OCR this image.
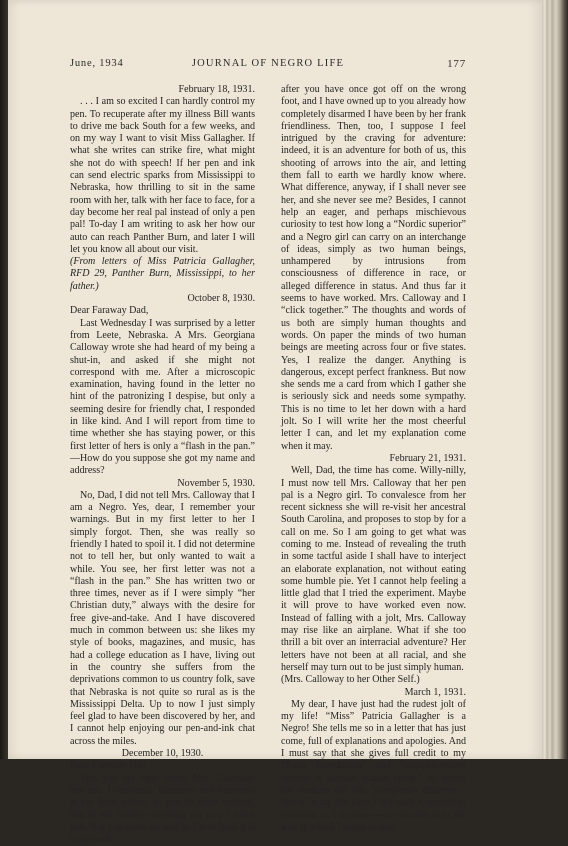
June, 1934	JOURNAL OF NEGRO LIFE	177

February 18, 1931.

. . . I am so excited I can hardly control my pen. To recuperate after my illness Bill wants to drive me back South for a few weeks, and on my way I want to visit Miss Gallagher. If what she writes can strike fire, what might she not do with speech! If her pen and ink can send electric sparks from Mississippi to Nebraska, how thrilling to sit in the same room with her, talk with her face to face, for a day become her real pal instead of only a pen pal! To-day I am writing to ask her how our auto can reach Panther Burn, and later I will let you know all about our visit.

(From letters of Miss Patricia Gallagher, RFD 29, Panther Burn, Mississippi, to her father.)

October 8, 1930.

Dear Faraway Dad,

Last Wednesday I was surprised by a letter from Leete, Nebraska. A Mrs. Georgiana Calloway wrote she had heard of my being a shut-in, and asked if she might not correspond with me. After a microscopic examination, having found in the letter no hint of the patronizing I despise, but only a seeming desire for friendly chat, I responded in like kind. And I will report from time to time whether she has staying power, or this first letter of hers is only a “flash in the pan.” —How do you suppose she got my name and address?

November 5, 1930.

No, Dad, I did not tell Mrs. Calloway that I am a Negro. Yes, dear, I remember your warnings. But in my first letter to her I simply forgot. Then, she was really so friendly I hated to spoil it. I did not determine not to tell her, but only wanted to wait a while. You see, her first letter was not a “flash in the pan.” She has written two or three times, never as if I were simply “her Christian duty,” always with the desire for free give-and-take. And I have discovered much in common between us: she likes my style of books, magazines, and music, has had a college education as I have, living out in the country she suffers from the deprivations common to us country folk, save that Nebraska is not quite so rural as is the Mississippi Delta. Up to now I just simply feel glad to have been discovered by her, and I cannot help enjoying our pen-and-ink chat across the miles.

December 10, 1930.

Dear Faraway Dad,

Yes, you are right about Mrs. Calloway and me. Conscience hammers and hammers at me from within, as you do from without, that in not frankly revealing my race I run a risk. But you know as well as I how hard it is to go back

after you have once got off on the wrong foot, and I have owned up to you already how completely disarmed I have been by her frank friendliness. Then, too, I suppose I feel intrigued by the craving for adventure: indeed, it is an adventure for both of us, this shooting of arrows into the air, and letting them fall to earth we hardly know where. What difference, anyway, if I shall never see her, and she never see me? Besides, I cannot help an eager, and perhaps mischievous curiosity to test how long a “Nordic superior” and a Negro girl can carry on an interchange of ideas, simply as two human beings, unhampered by intrusions from consciousness of difference in race, or alleged difference in status. And thus far it seems to have worked. Mrs. Calloway and I “click together.” The thoughts and words of us both are simply human thoughts and words. On paper the minds of two human beings are meeting across four or five states. Yes, I realize the danger. Anything is dangerous, except perfect frankness. But now she sends me a card from which I gather she is seriously sick and needs some sympathy. This is no time to let her down with a hard jolt. So I will write her the most cheerful letter I can, and let my explanation come when it may.

February 21, 1931.

Well, Dad, the time has come. Willy-nilly, I must now tell Mrs. Calloway that her pen pal is a Negro girl. To convalesce from her recent sickness she will re-visit her ancestral South Carolina, and proposes to stop by for a call on me. So I am going to get what was coming to me. Instead of revealing the truth in some tactful aside I shall have to interject an elaborate explanation, not without eating some humble pie. Yet I cannot help feeling a little glad that I tried the experiment. Maybe it will prove to have worked even now. Instead of falling with a jolt, Mrs. Calloway may rise like an airplane. What if she too thrill a bit over an interracial adventure? Her letters have not been at all racial, and she herself may turn out to be just simply human.

(Mrs. Calloway to her Other Self.)

March 1, 1931.

My dear, I have just had the rudest jolt of my life! “Miss” Patricia Gallagher is a Negro! She tells me so in a letter that has just come, full of explanations and apologies. And I must say that she gives full credit to my “frank friendliness” and “straightforward interest in another human being,” by which she declares she was “completely disarmed.” Never in my life have I felt such a turmoil of emotions as I do now,— so puzzled as to the way in which I ought to feel.
